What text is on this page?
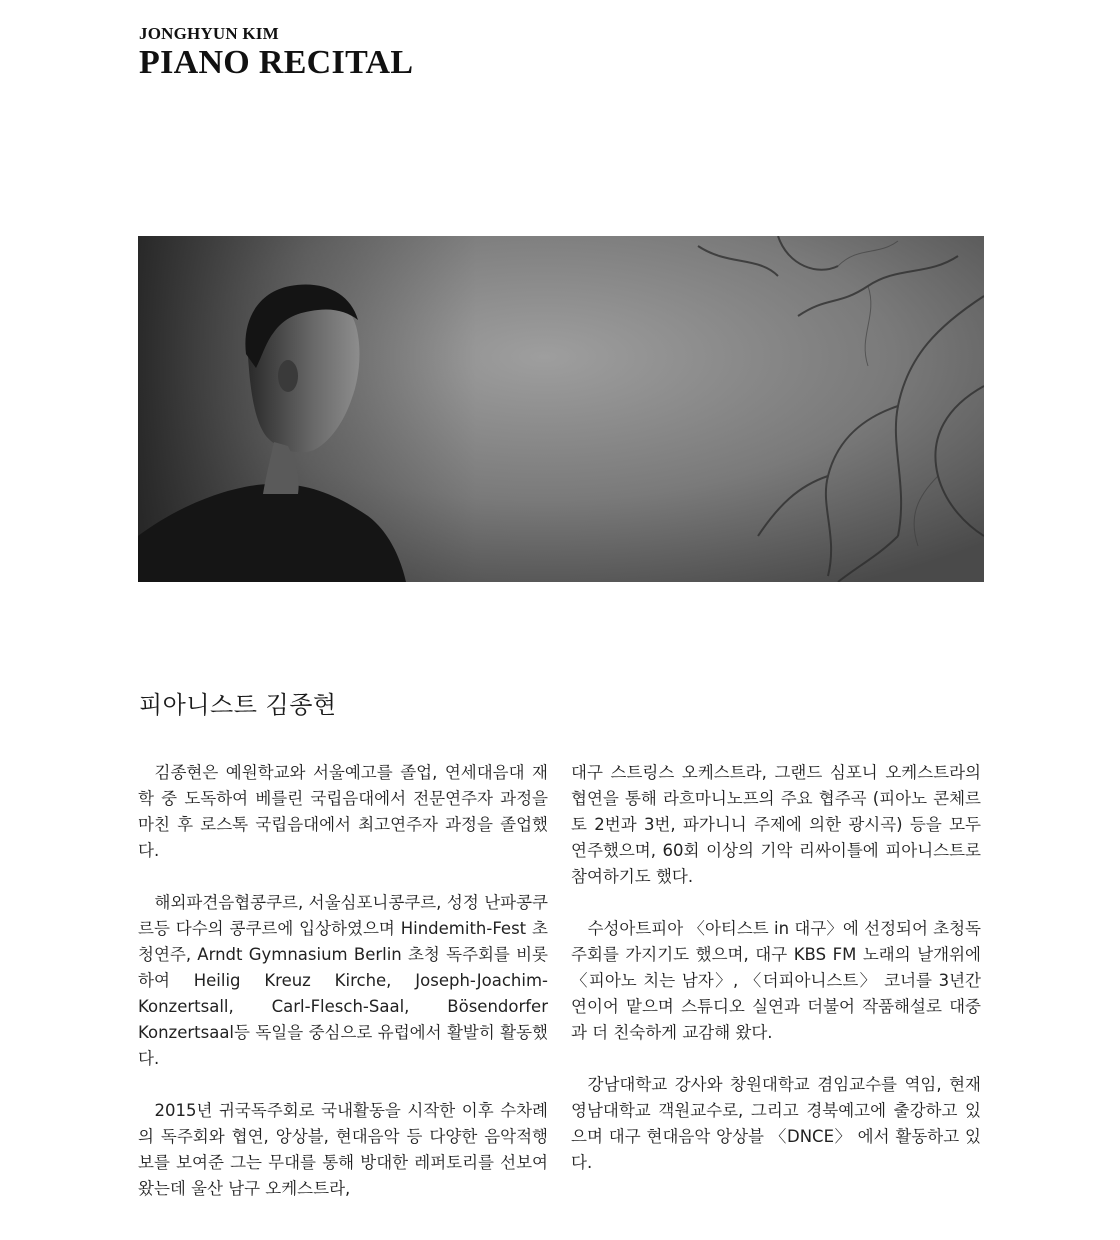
JONGHYUN KIM
PIANO RECITAL
피아니스트 김종현

김종현은 예원학교와 서울예고를 졸업, 연세대음대 재학 중 도독하여 베를린 국립음대에서 전문연주자 과정을 마친 후 로스톡 국립음대에서 최고연주자 과정을 졸업했다.

해외파견음협콩쿠르, 서울심포니콩쿠르, 성정 난파콩쿠르등 다수의 콩쿠르에 입상하였으며 Hindemith-Fest 초청연주, Arndt Gymnasium Berlin 초청 독주회를 비롯하여 Heilig Kreuz Kirche, Joseph-Joachim-Konzertsall, Carl-Flesch-Saal, Bösendorfer Konzertsaal등 독일을 중심으로 유럽에서 활발히 활동했다.

2015년 귀국독주회로 국내활동을 시작한 이후 수차례의 독주회와 협연, 앙상블, 현대음악 등 다양한 음악적행보를 보여준 그는 무대를 통해 방대한 레퍼토리를 선보여 왔는데 울산 남구 오케스트라,

대구 스트링스 오케스트라, 그랜드 심포니 오케스트라의 협연을 통해 라흐마니노프의 주요 협주곡 (피아노 콘체르토 2번과 3번, 파가니니 주제에 의한 광시곡) 등을 모두 연주했으며, 60회 이상의 기악 리싸이틀에 피아니스트로 참여하기도 했다.

수성아트피아 〈아티스트 in 대구〉에 선정되어 초청독주회를 가지기도 했으며, 대구 KBS FM 노래의 날개위에 〈피아노 치는 남자〉, 〈더피아니스트〉 코너를 3년간 연이어 맡으며 스튜디오 실연과 더불어 작품해설로 대중과 더 친숙하게 교감해 왔다.

강남대학교 강사와 창원대학교 겸임교수를 역임, 현재 영남대학교 객원교수로, 그리고 경북예고에 출강하고 있으며 대구 현대음악 앙상블 〈DNCE〉 에서 활동하고 있다.
